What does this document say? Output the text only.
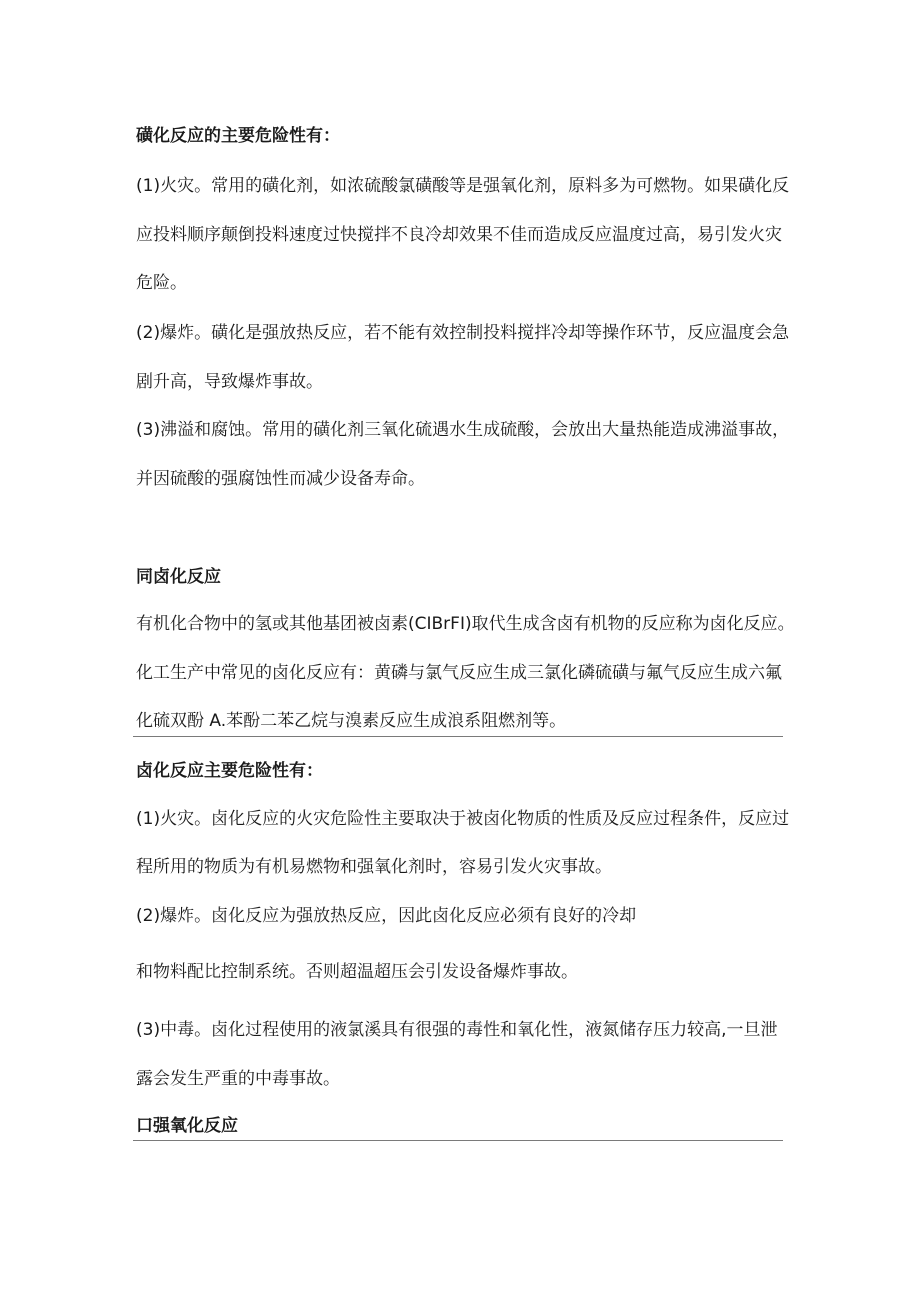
磺化反应的主要危险性有：
(1)火灾。常用的磺化剂，如浓硫酸氯磺酸等是强氧化剂，原料多为可燃物。如果磺化反
应投料顺序颠倒投料速度过快搅拌不良冷却效果不佳而造成反应温度过高，易引发火灾
危险。
(2)爆炸。磺化是强放热反应，若不能有效控制投料搅拌冷却等操作环节，反应温度会急
剧升高，导致爆炸事故。
(3)沸溢和腐蚀。常用的磺化剂三氧化硫遇水生成硫酸，会放出大量热能造成沸溢事故，
并因硫酸的强腐蚀性而减少设备寿命。
同卤化反应
有机化合物中的氢或其他基团被卤素(CIBrFI)取代生成含卤有机物的反应称为卤化反应。
化工生产中常见的卤化反应有：黄磷与氯气反应生成三氯化磷硫磺与氟气反应生成六氟
化硫双酚 A.苯酚二苯乙烷与溴素反应生成浪系阻燃剂等。
卤化反应主要危险性有：
(1)火灾。卤化反应的火灾危险性主要取决于被卤化物质的性质及反应过程条件，反应过
程所用的物质为有机易燃物和强氧化剂时，容易引发火灾事故。
(2)爆炸。卤化反应为强放热反应，因此卤化反应必须有良好的冷却
和物料配比控制系统。否则超温超压会引发设备爆炸事故。
(3)中毒。卤化过程使用的液氯溪具有很强的毒性和氧化性，液氮储存压力较高,一旦泄
露会发生严重的中毒事故。
口强氧化反应
